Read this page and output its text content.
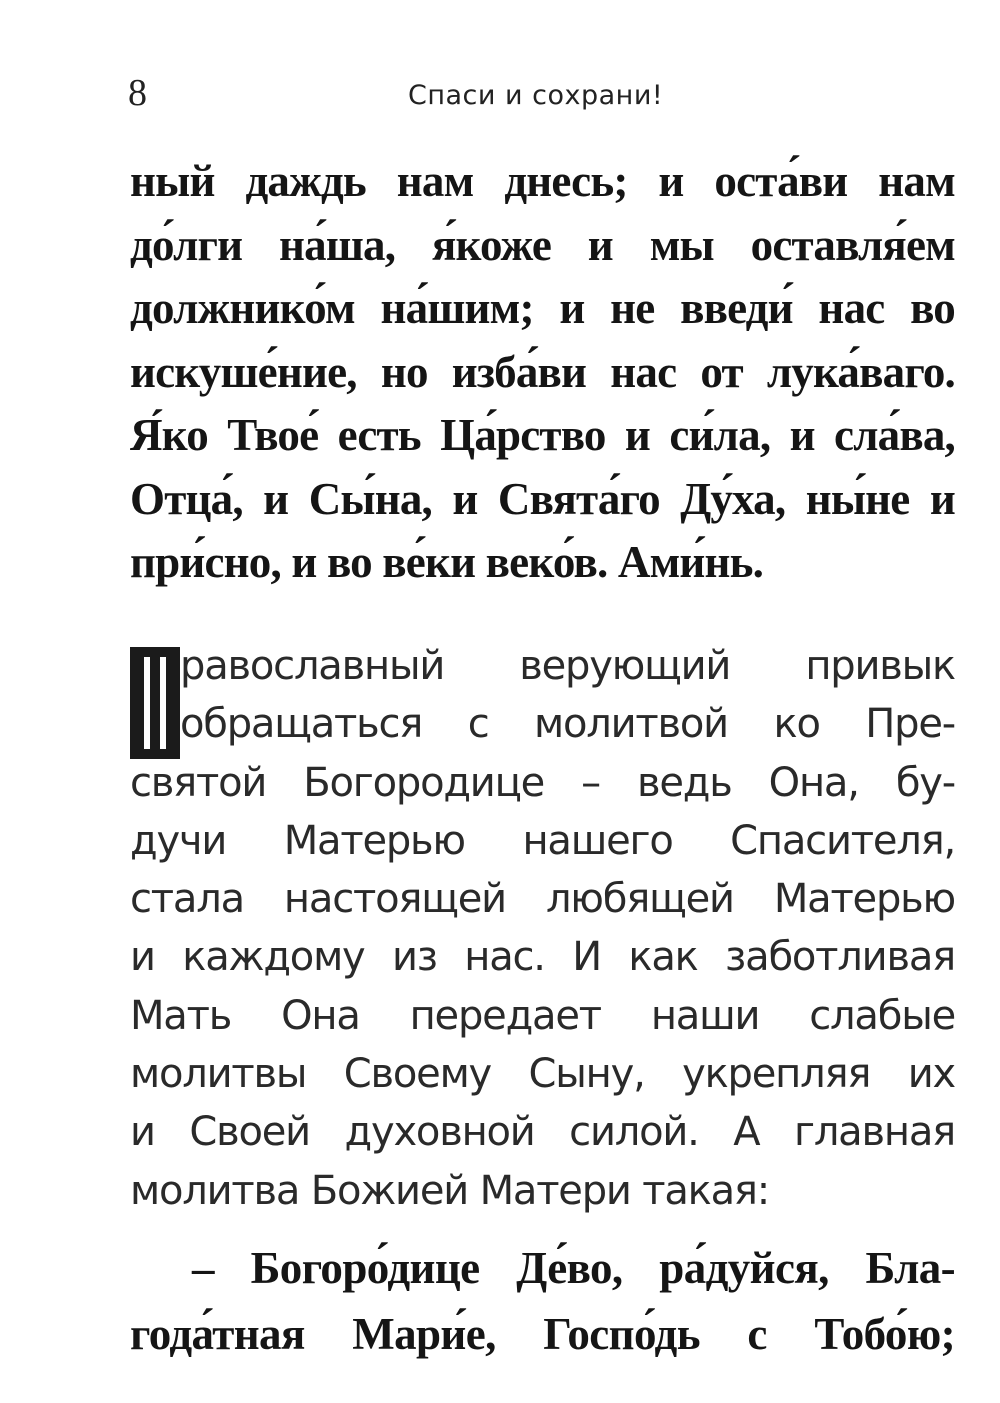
8	Спаси и сохрани!
ный даждь нам днесь; и оста́ви нам
до́лги на́ша, я́коже и мы оставля́ем
должнико́м на́шим; и не введи́ нас во
искуше́ние, но изба́ви нас от лука́ваго.
Я́ко Твое́ есть Ца́рство и си́ла, и сла́ва,
Отца́, и Сы́на, и Свята́го Ду́ха, ны́не и
при́сно, и во ве́ки веко́в. Ами́нь.
равославный верующий привык
обращаться с молитвой ко Пре-
святой Богородице – ведь Она, бу-
дучи Матерью нашего Спасителя,
стала настоящей любящей Матерью
и каждому из нас. И как заботливая
Мать Она передает наши слабые
молитвы Своему Сыну, укрепляя их
и Своей духовной силой. А главная
молитва Божией Матери такая:
– Богоро́дице Де́во, ра́дуйся, Бла-
года́тная Мари́е, Госпо́дь с Тобо́ю;
